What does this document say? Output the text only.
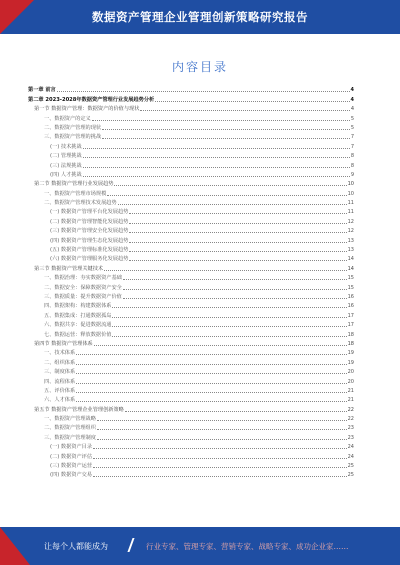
数据资产管理企业管理创新策略研究报告
内容目录
第一章 前言	4
第二章 2023-2028年数据资产管理行业发展趋势分析	4
第一节 数据资产管理：数据资产的价值与现状	4
一、数据资产的定义	5
二、数据资产管理的现状	5
三、数据资产管理的挑战	7
(一) 技术挑战	7
(二) 管理挑战	8
(三) 法规挑战	8
(四) 人才挑战	9
第二节 数据资产管理行业发展趋势	10
一、数据资产管理市场规模	10
二、数据资产管理技术发展趋势	11
(一) 数据资产管理平台化发展趋势	11
(二) 数据资产管理智能化发展趋势	12
(三) 数据资产管理安全化发展趋势	12
(四) 数据资产管理生态化发展趋势	13
(五) 数据资产管理标准化发展趋势	13
(六) 数据资产管理服务化发展趋势	14
第三节 数据资产管理关键技术	14
一、数据治理：夯实数据资产基础	15
二、数据安全：保障数据资产安全	15
三、数据质量：提升数据资产价值	16
四、数据架构：构建数据体系	16
五、数据集成：打通数据孤岛	17
六、数据共享：促进数据流通	17
七、数据运营：释放数据价值	18
第四节 数据资产管理体系	18
一、技术体系	19
二、组织体系	19
三、制度体系	20
四、流程体系	20
五、评价体系	21
六、人才体系	21
第五节 数据资产管理企业管理创新策略	22
一、数据资产管理战略	22
二、数据资产管理组织	23
三、数据资产管理制度	23
(一) 数据资产目录	24
(二) 数据资产评估	24
(三) 数据资产运营	25
(四) 数据资产交易	25
让每个人都能成为	行业专家、管理专家、营销专家、战略专家、成功企业家……
